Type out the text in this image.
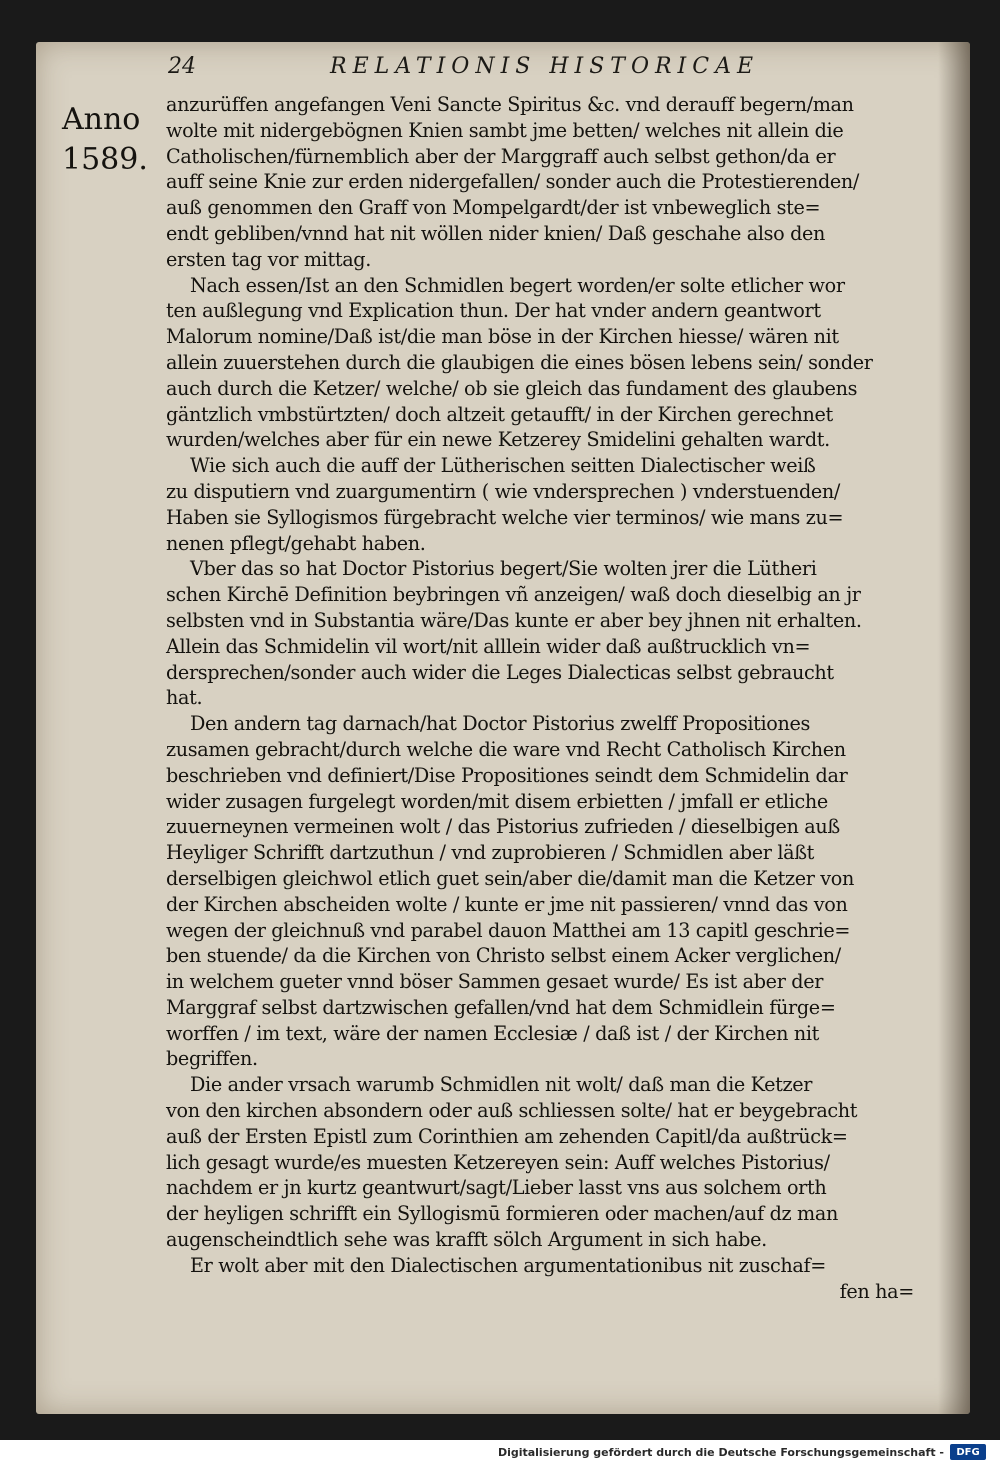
24	RELATIONIS HISTORICAE
Anno
1589.
anzurüffen angefangen Veni Sancte Spiritus &c. vnd derauff begern/man
wolte mit nidergebögnen Knien sambt jme betten/ welches nit allein die
Catholischen/fürnemblich aber der Marggraff auch selbst gethon/da er
auff seine Knie zur erden nidergefallen/ sonder auch die Protestierenden/
auß genommen den Graff von Mompelgardt/der ist vnbeweglich ste=
endt gebliben/vnnd hat nit wöllen nider knien/ Daß geschahe also den
ersten tag vor mittag.
Nach essen/Ist an den Schmidlen begert worden/er solte etlicher wor
ten außlegung vnd Explication thun. Der hat vnder andern geantwort
Malorum nomine/Daß ist/die man böse in der Kirchen hiesse/ wären nit
allein zuuerstehen durch die glaubigen die eines bösen lebens sein/ sonder
auch durch die Ketzer/ welche/ ob sie gleich das fundament des glaubens
gäntzlich vmbstürtzten/ doch altzeit getaufft/ in der Kirchen gerechnet
wurden/welches aber für ein newe Ketzerey Smidelini gehalten wardt.
Wie sich auch die auff der Lütherischen seitten Dialectischer weiß
zu disputiern vnd zuargumentirn ( wie vndersprechen ) vnderstuenden/
Haben sie Syllogismos fürgebracht welche vier terminos/ wie mans zu=
nenen pflegt/gehabt haben.
Vber das so hat Doctor Pistorius begert/Sie wolten jrer die Lütheri
schen Kirchē Definition beybringen vñ anzeigen/ waß doch dieselbig an jr
selbsten vnd in Substantia wäre/Das kunte er aber bey jhnen nit erhalten.
Allein das Schmidelin vil wort/nit alllein wider daß außtrucklich vn=
dersprechen/sonder auch wider die Leges Dialecticas selbst gebraucht
hat.
Den andern tag darnach/hat Doctor Pistorius zwelff Propositiones
zusamen gebracht/durch welche die ware vnd Recht Catholisch Kirchen
beschrieben vnd definiert/Dise Propositiones seindt dem Schmidelin dar
wider zusagen furgelegt worden/mit disem erbietten / jmfall er etliche
zuuerneynen vermeinen wolt / das Pistorius zufrieden / dieselbigen auß
Heyliger Schrifft dartzuthun / vnd zuprobieren / Schmidlen aber läßt
derselbigen gleichwol etlich guet sein/aber die/damit man die Ketzer von
der Kirchen abscheiden wolte / kunte er jme nit passieren/ vnnd das von
wegen der gleichnuß vnd parabel dauon Matthei am 13 capitl geschrie=
ben stuende/ da die Kirchen von Christo selbst einem Acker verglichen/
in welchem gueter vnnd böser Sammen gesaet wurde/ Es ist aber der
Marggraf selbst dartzwischen gefallen/vnd hat dem Schmidlein fürge=
worffen / im text, wäre der namen Ecclesiæ / daß ist / der Kirchen nit
begriffen.
Die ander vrsach warumb Schmidlen nit wolt/ daß man die Ketzer
von den kirchen absondern oder auß schliessen solte/ hat er beygebracht
auß der Ersten Epistl zum Corinthien am zehenden Capitl/da außtrück=
lich gesagt wurde/es muesten Ketzereyen sein: Auff welches Pistorius/
nachdem er jn kurtz geantwurt/sagt/Lieber lasst vns aus solchem orth
der heyligen schrifft ein Syllogismū formieren oder machen/auf dz man
augenscheindtlich sehe was krafft sölch Argument in sich habe.
Er wolt aber mit den Dialectischen argumentationibus nit zuschaf=
fen ha=
Digitalisierung gefördert durch die Deutsche Forschungsgemeinschaft -	DFG
